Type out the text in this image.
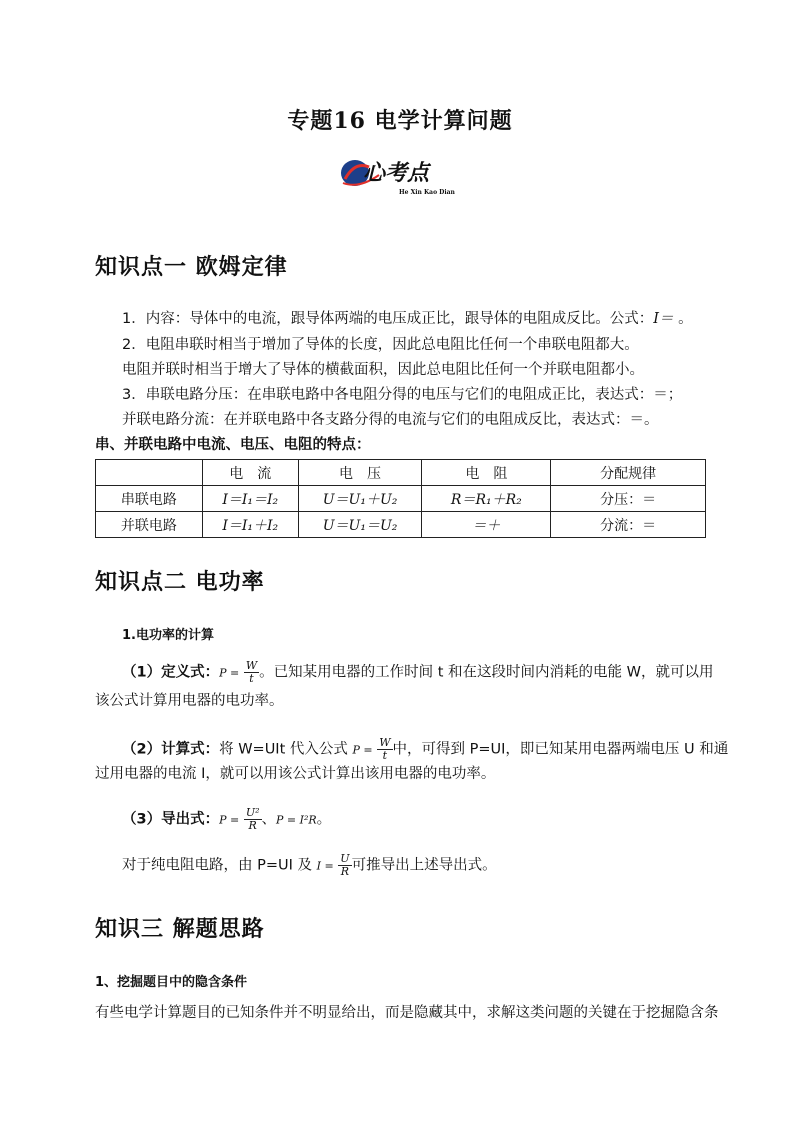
专题16 电学计算问题
心考点
He Xin Kao Dian
知识点一 欧姆定律
1．内容：导体中的电流，跟导体两端的电压成正比，跟导体的电阻成反比。公式：I＝ 。
2．电阻串联时相当于增加了导体的长度，因此总电阻比任何一个串联电阻都大。
电阻并联时相当于增大了导体的横截面积，因此总电阻比任何一个并联电阻都小。
3．串联电路分压：在串联电路中各电阻分得的电压与它们的电阻成正比，表达式：＝；
并联电路分流：在并联电路中各支路分得的电流与它们的电阻成反比，表达式：＝。
串、并联电路中电流、电压、电阻的特点：
	电　流	电　压	电　阻	分配规律
串联电路	I＝I₁＝I₂	U＝U₁＋U₂	R＝R₁＋R₂	分压：＝
并联电路	I＝I₁＋I₂	U＝U₁＝U₂	＝＋	分流：＝
知识点二 电功率
1.电功率的计算
（1）定义式：$P = \frac{W}{t}$ 。已知某用电器的工作时间 t 和在这段时间内消耗的电能 W，就可以用
该公式计算用电器的电功率。
（2）计算式：将 W=UIt 代入公式 $P = \frac{W}{t}$ 中，可得到 P=UI，即已知某用电器两端电压 U 和通
过用电器的电流 I，就可以用该公式计算出该用电器的电功率。
（3）导出式：$P = \frac{\text{U²}}{R}$ 、P = I²R。
对于纯电阻电路，由 P=UI 及 $I = \frac{U}{R}$ 可推导出上述导出式。
知识三 解题思路
1、挖掘题目中的隐含条件
有些电学计算题目的已知条件并不明显给出，而是隐藏其中，求解这类问题的关键在于挖掘隐含条
